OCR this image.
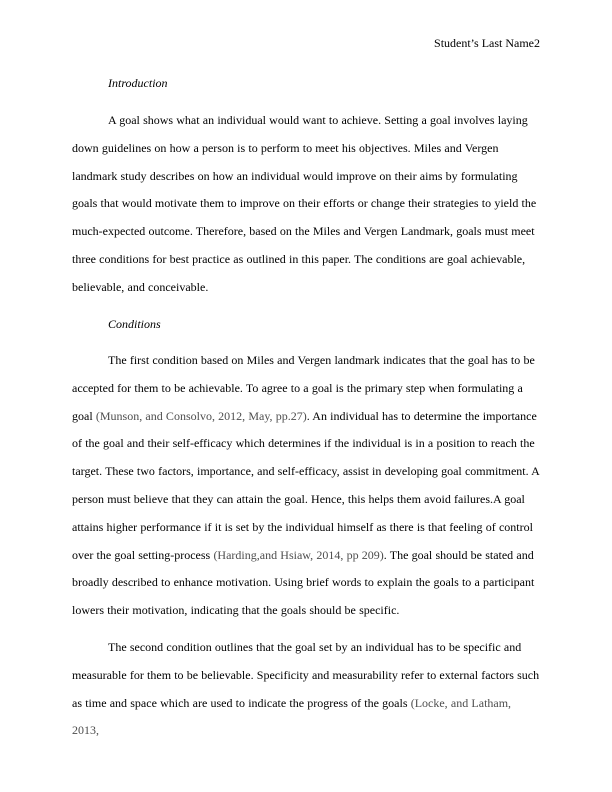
Student’s Last Name2

Introduction

A goal shows what an individual would want to achieve. Setting a goal involves laying down guidelines on how a person is to perform to meet his objectives. Miles and Vergen landmark study describes on how an individual would improve on their aims by formulating goals that would motivate them to improve on their efforts or change their strategies to yield the much-expected outcome. Therefore, based on the Miles and Vergen Landmark, goals must meet three conditions for best practice as outlined in this paper. The conditions are goal achievable, believable, and conceivable.

Conditions

The first condition based on Miles and Vergen landmark indicates that the goal has to be accepted for them to be achievable. To agree to a goal is the primary step when formulating a goal (Munson, and Consolvo, 2012, May, pp.27). An individual has to determine the importance of the goal and their self-efficacy which determines if the individual is in a position to reach the target. These two factors, importance, and self-efficacy, assist in developing goal commitment. A person must believe that they can attain the goal. Hence, this helps them avoid failures.A goal attains higher performance if it is set by the individual himself as there is that feeling of control over the goal setting-process (Harding,and Hsiaw, 2014, pp 209). The goal should be stated and broadly described to enhance motivation. Using brief words to explain the goals to a participant lowers their motivation, indicating that the goals should be specific.

The second condition outlines that the goal set by an individual has to be specific and measurable for them to be believable. Specificity and measurability refer to external factors such as time and space which are used to indicate the progress of the goals (Locke, and Latham, 2013,
